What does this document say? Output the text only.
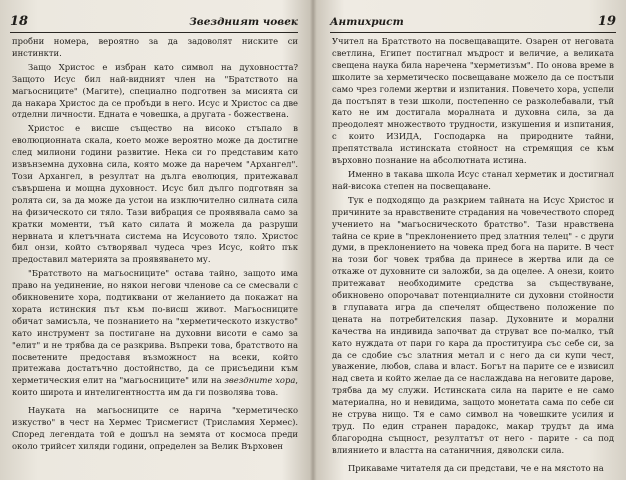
18	Звездният човек

пробни номера, вероятно за да задоволят ниските си инстинкти.

Защо Христос е избран като символ на духовността? Защото Исус бил най-видният член на "Братството на магьосниците" (Магите), специално подготвен за мисията си да накара Христос да се пробъди в него. Исус и Христос са две отделни личности. Едната е човешка, а другата - божествена.

Христос е висше същество на високо стъпало в еволюционната скала, което може вероятно може да достигне след милиони години развитие. Нека си го представим като извънземна духовна сила, която може да наречем "Архангел". Този Архангел, в резултат на дълга еволюция, притежавал съвършена и мощна духовност. Исус бил дълго подготвян за ролята си, за да може да устои на изключително силната сила на физическото си тяло. Тази вибрация се проявявала само за кратки моменти, тъй като силата й можела да разруши нервната и клетъчната система на Исусовото тяло. Христос бил онзи, който сътворявал чудеса чрез Исус, който пък предоставил материята за проявяването му.

"Братството на магьосниците" остава тайно, защото има право на уединение, но някои негови членове са се смесвали с обикновените хора, подтиквани от желанието да покажат на хората истинския път към по-висш живот. Магьосниците обичат замисъла, че познанието на "херметическото изкуство" като инструмент за постигане на духовни висоти е само за "елит" и не трябва да се разкрива. Въпреки това, братството на посветените предоставя възможност на всеки, който притежава достатъчно достойнство, да се присъедини към херметическия елит на "магьосниците" или на звездните хора, които широта и интелигентността им да ги позволява това.

Науката на магьосниците се нарича "херметическо изкуство" в чест на Хермес Трисмегист (Трисламия Хермес). Според легендата той е дошъл на земята от космоса преди около трийсет хиляди години, определен за Велик Върховен

Антихрист	19

Учител на Братството на посвещаващите. Озарен от неговата светлина, Египет постигнал мъдрост и величие, а великата свещена наука била наречена "херметизъм". По онова време в школите за херметическо посвещаване можело да се постъпи само чрез големи жертви и изпитания. Повечето хора, успели да постъпят в тези школи, постепенно се разколебавали, тъй като не им достигала моралната и духовна сила, за да преодолеят множеството трудности, изкушения и изпитания, с които ИЗИДА, Господарка на природните тайни, препятствала истинската стойност на стремящия се към върховно познание на абсолютната истина.

Именно в такава школа Исус станал херметик и достигнал най-висока степен на посвещаване.

Тук е подходящо да разкрием тайната на Исус Христос и причините за нравствените страдания на човечеството според учението на "магьосническото братство". Тази нравствена тайна се крие в "преклонението пред златния телец" - с други думи, в преклонението на човека пред бога на парите. В чест на този бог човек трябва да принесе в жертва или да се откаже от духовните си заложби, за да оцелее. А онези, които притежават необходимите средства за съществуване, обикновено опорочават потенциалните си духовни стойности в глупавата игра да спечелят обществено положение по цената на потребителския пазар. Духовните и морални качества на индивида започват да струват все по-малко, тъй като нуждата от пари го кара да проституира със себе си, за да се сдобие със златния метал и с него да си купи чест, уважение, любов, слава и власт. Богът на парите се е извисил над света и който желае да се наслаждава на неговите дарове, трябва да му служи. Истинската сила на парите е не само материална, но и невидима, защото монетата сама по себе си не струва нищо. Тя е само символ на човешките усилия и труд. По един странен парадокс, макар трудът да има благородна същност, резултатът от него - парите - са под влиянието и властта на сатаничния, дяволски сила.

Прикаваме читателя да си представи, че е на мястото на
